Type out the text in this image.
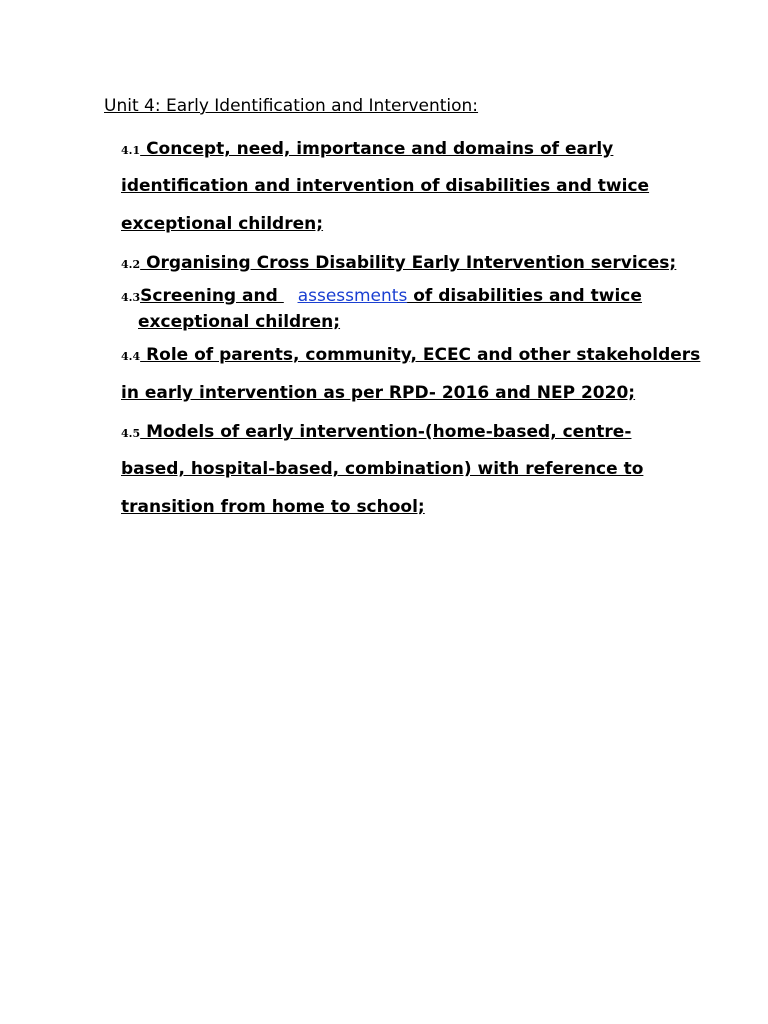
Unit 4: Early Identification and Intervention:
4.1 Concept, need, importance and domains of early
identification and intervention of disabilities and twice
exceptional children;
4.2 Organising Cross Disability Early Intervention services;
4.3Screening and assessments of disabilities and twice
exceptional children;
4.4 Role of parents, community, ECEC and other stakeholders
in early intervention as per RPD- 2016 and NEP 2020;
4.5 Models of early intervention-(home-based, centre-
based, hospital-based, combination) with reference to
transition from home to school;
